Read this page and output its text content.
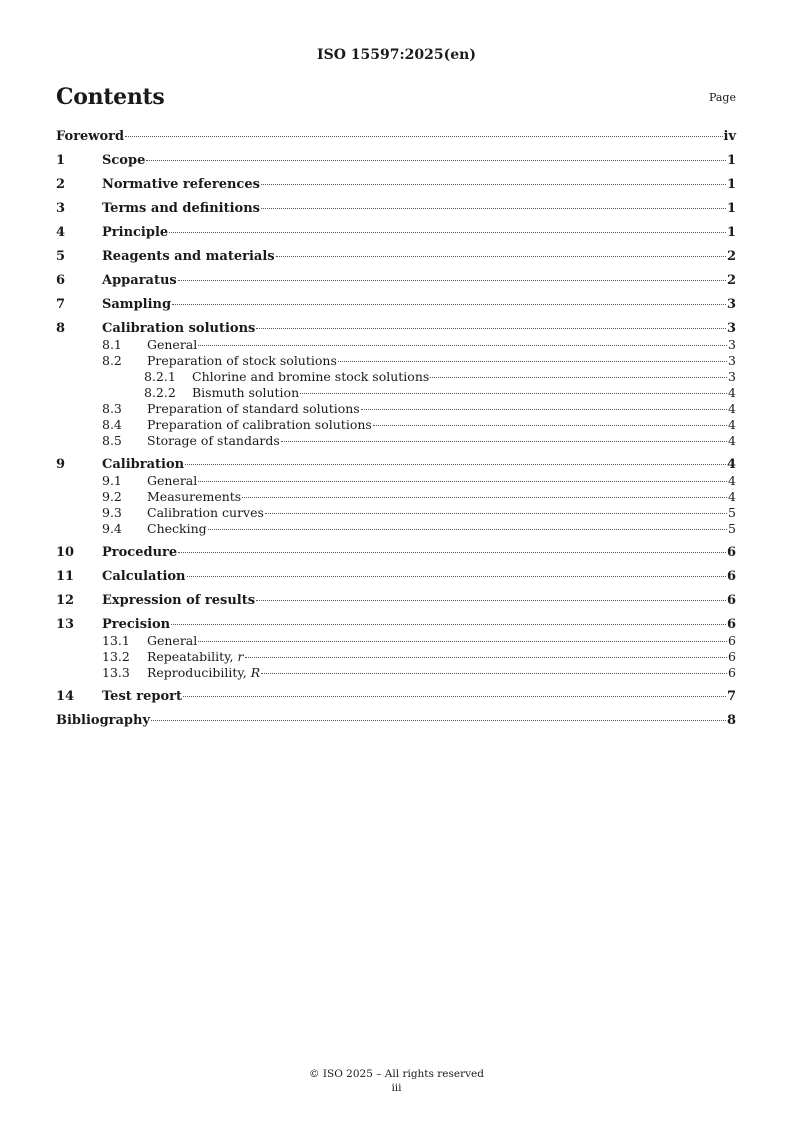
ISO 15597:2025(en)
Contents	Page
Foreword	iv
1	Scope	1
2	Normative references	1
3	Terms and definitions	1
4	Principle	1
5	Reagents and materials	2
6	Apparatus	2
7	Sampling	3
8	Calibration solutions	3
8.1	General	3
8.2	Preparation of stock solutions	3
8.2.1	Chlorine and bromine stock solutions	3
8.2.2	Bismuth solution	4
8.3	Preparation of standard solutions	4
8.4	Preparation of calibration solutions	4
8.5	Storage of standards	4
9	Calibration	4
9.1	General	4
9.2	Measurements	4
9.3	Calibration curves	5
9.4	Checking	5
10	Procedure	6
11	Calculation	6
12	Expression of results	6
13	Precision	6
13.1	General	6
13.2	Repeatability, r	6
13.3	Reproducibility, R	6
14	Test report	7
Bibliography	8
© ISO 2025 – All rights reserved
iii
